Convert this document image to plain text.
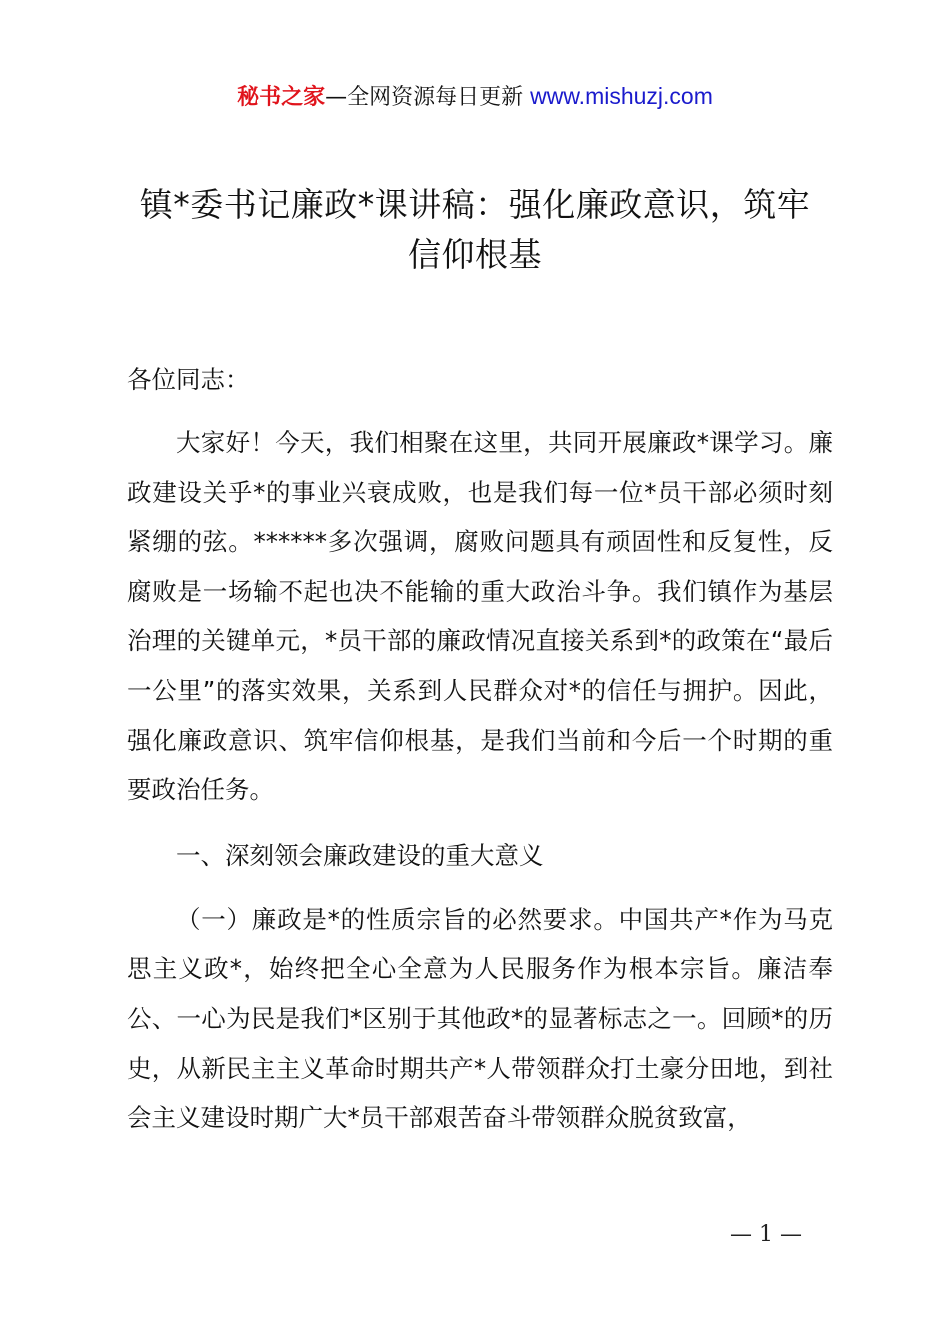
秘书之家—全网资源每日更新 www.mishuzj.com
镇*委书记廉政*课讲稿：强化廉政意识，筑牢
信仰根基

各位同志：

大家好！今天，我们相聚在这里，共同开展廉政*课学习。廉政建设关乎*的事业兴衰成败，也是我们每一位*员干部必须时刻紧绷的弦。******多次强调，腐败问题具有顽固性和反复性，反腐败是一场输不起也决不能输的重大政治斗争。我们镇作为基层治理的关键单元，*员干部的廉政情况直接关系到*的政策在“最后一公里”的落实效果，关系到人民群众对*的信任与拥护。因此，强化廉政意识、筑牢信仰根基，是我们当前和今后一个时期的重要政治任务。

一、深刻领会廉政建设的重大意义

（一）廉政是*的性质宗旨的必然要求。中国共产*作为马克思主义政*，始终把全心全意为人民服务作为根本宗旨。廉洁奉公、一心为民是我们*区别于其他政*的显著标志之一。回顾*的历史，从新民主主义革命时期共产*人带领群众打土豪分田地，到社会主义建设时期广大*员干部艰苦奋斗带领群众脱贫致富，

— 1 —
